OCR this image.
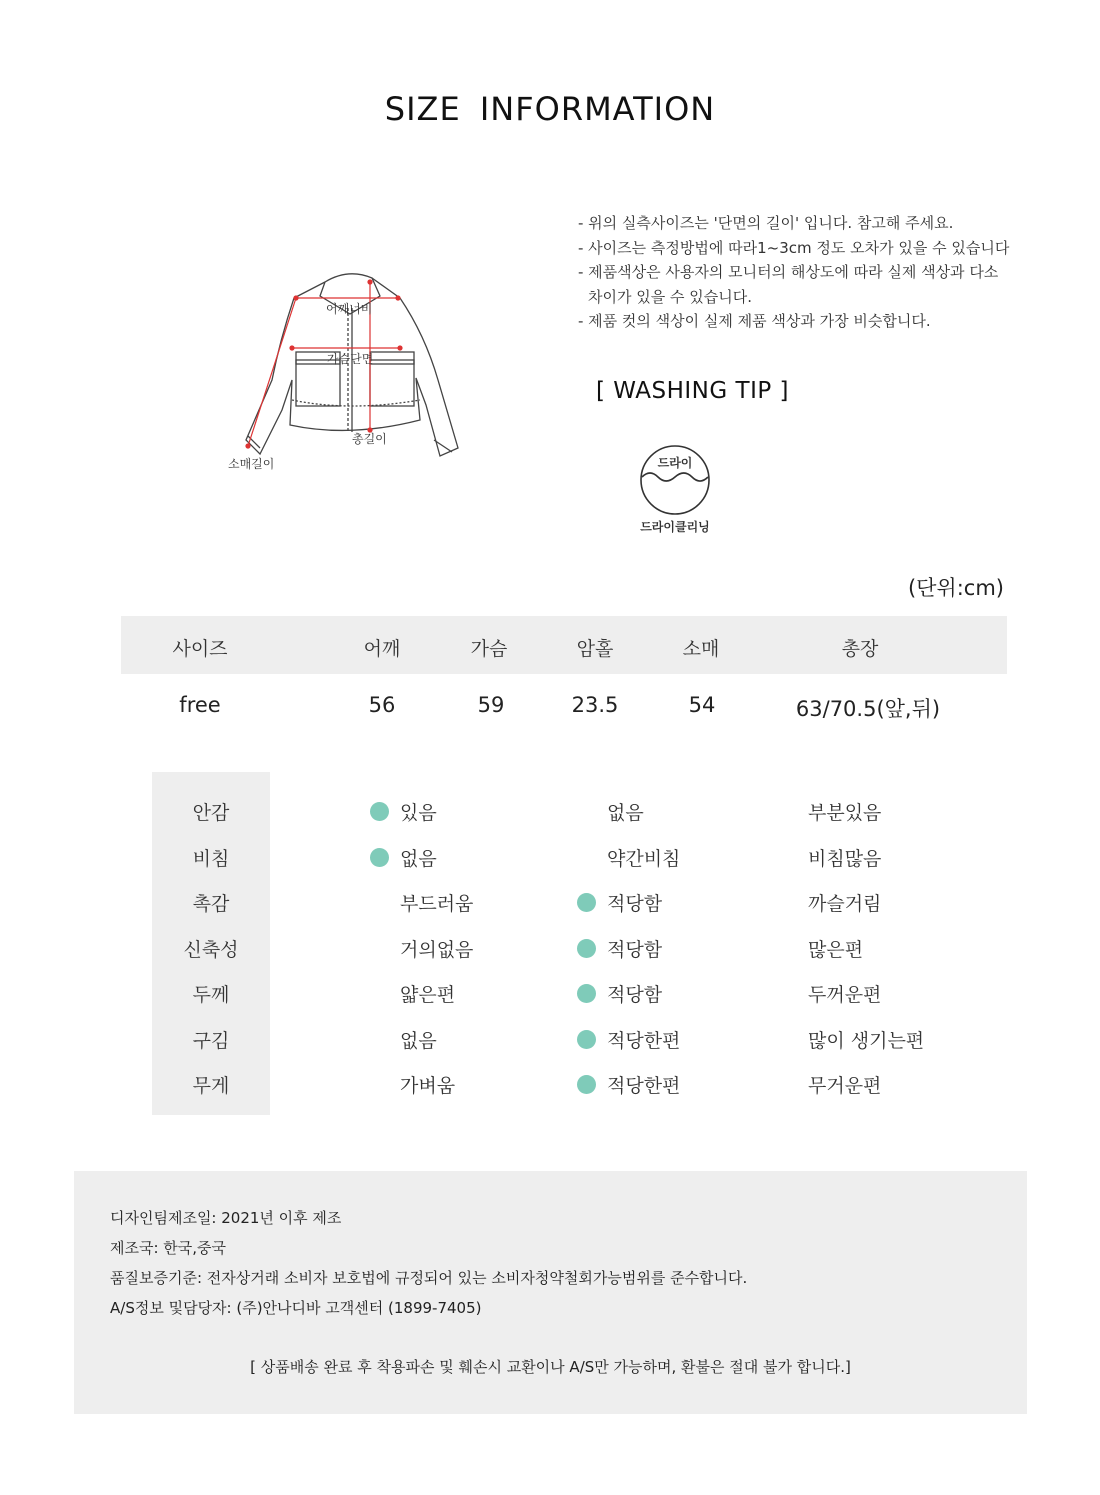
SIZE INFORMATION
어깨너비
가슴단면
총길이
소매길이
- 위의 실측사이즈는 '단면의 길이' 입니다. 참고해 주세요.
- 사이즈는 측정방법에 따라1~3cm 정도 오차가 있을 수 있습니다
- 제품색상은 사용자의 모니터의 해상도에 따라 실제 색상과 다소
차이가 있을 수 있습니다.
- 제품 컷의 색상이 실제 제품 색상과 가장 비슷합니다.
[ WASHING TIP ]
드라이
드라이클리닝
(단위:cm)
사이즈	어깨	가슴	암홀	소매	총장
free	56	59	23.5	54	63/70.5(앞,뒤)
안감	있음	없음	부분있음
비침	없음	약간비침	비침많음
촉감	부드러움	적당함	까슬거림
신축성	거의없음	적당함	많은편
두께	얇은편	적당함	두꺼운편
구김	없음	적당한편	많이 생기는편
무게	가벼움	적당한편	무거운편
디자인팀제조일: 2021년 이후 제조
제조국: 한국,중국
품질보증기준: 전자상거래 소비자 보호법에 규정되어 있는 소비자청약철회가능범위를 준수합니다.
A/S정보 및담당자: (주)안나디바 고객센터 (1899-7405)
[ 상품배송 완료 후 착용파손 및 훼손시 교환이나 A/S만 가능하며, 환불은 절대 불가 합니다.]
